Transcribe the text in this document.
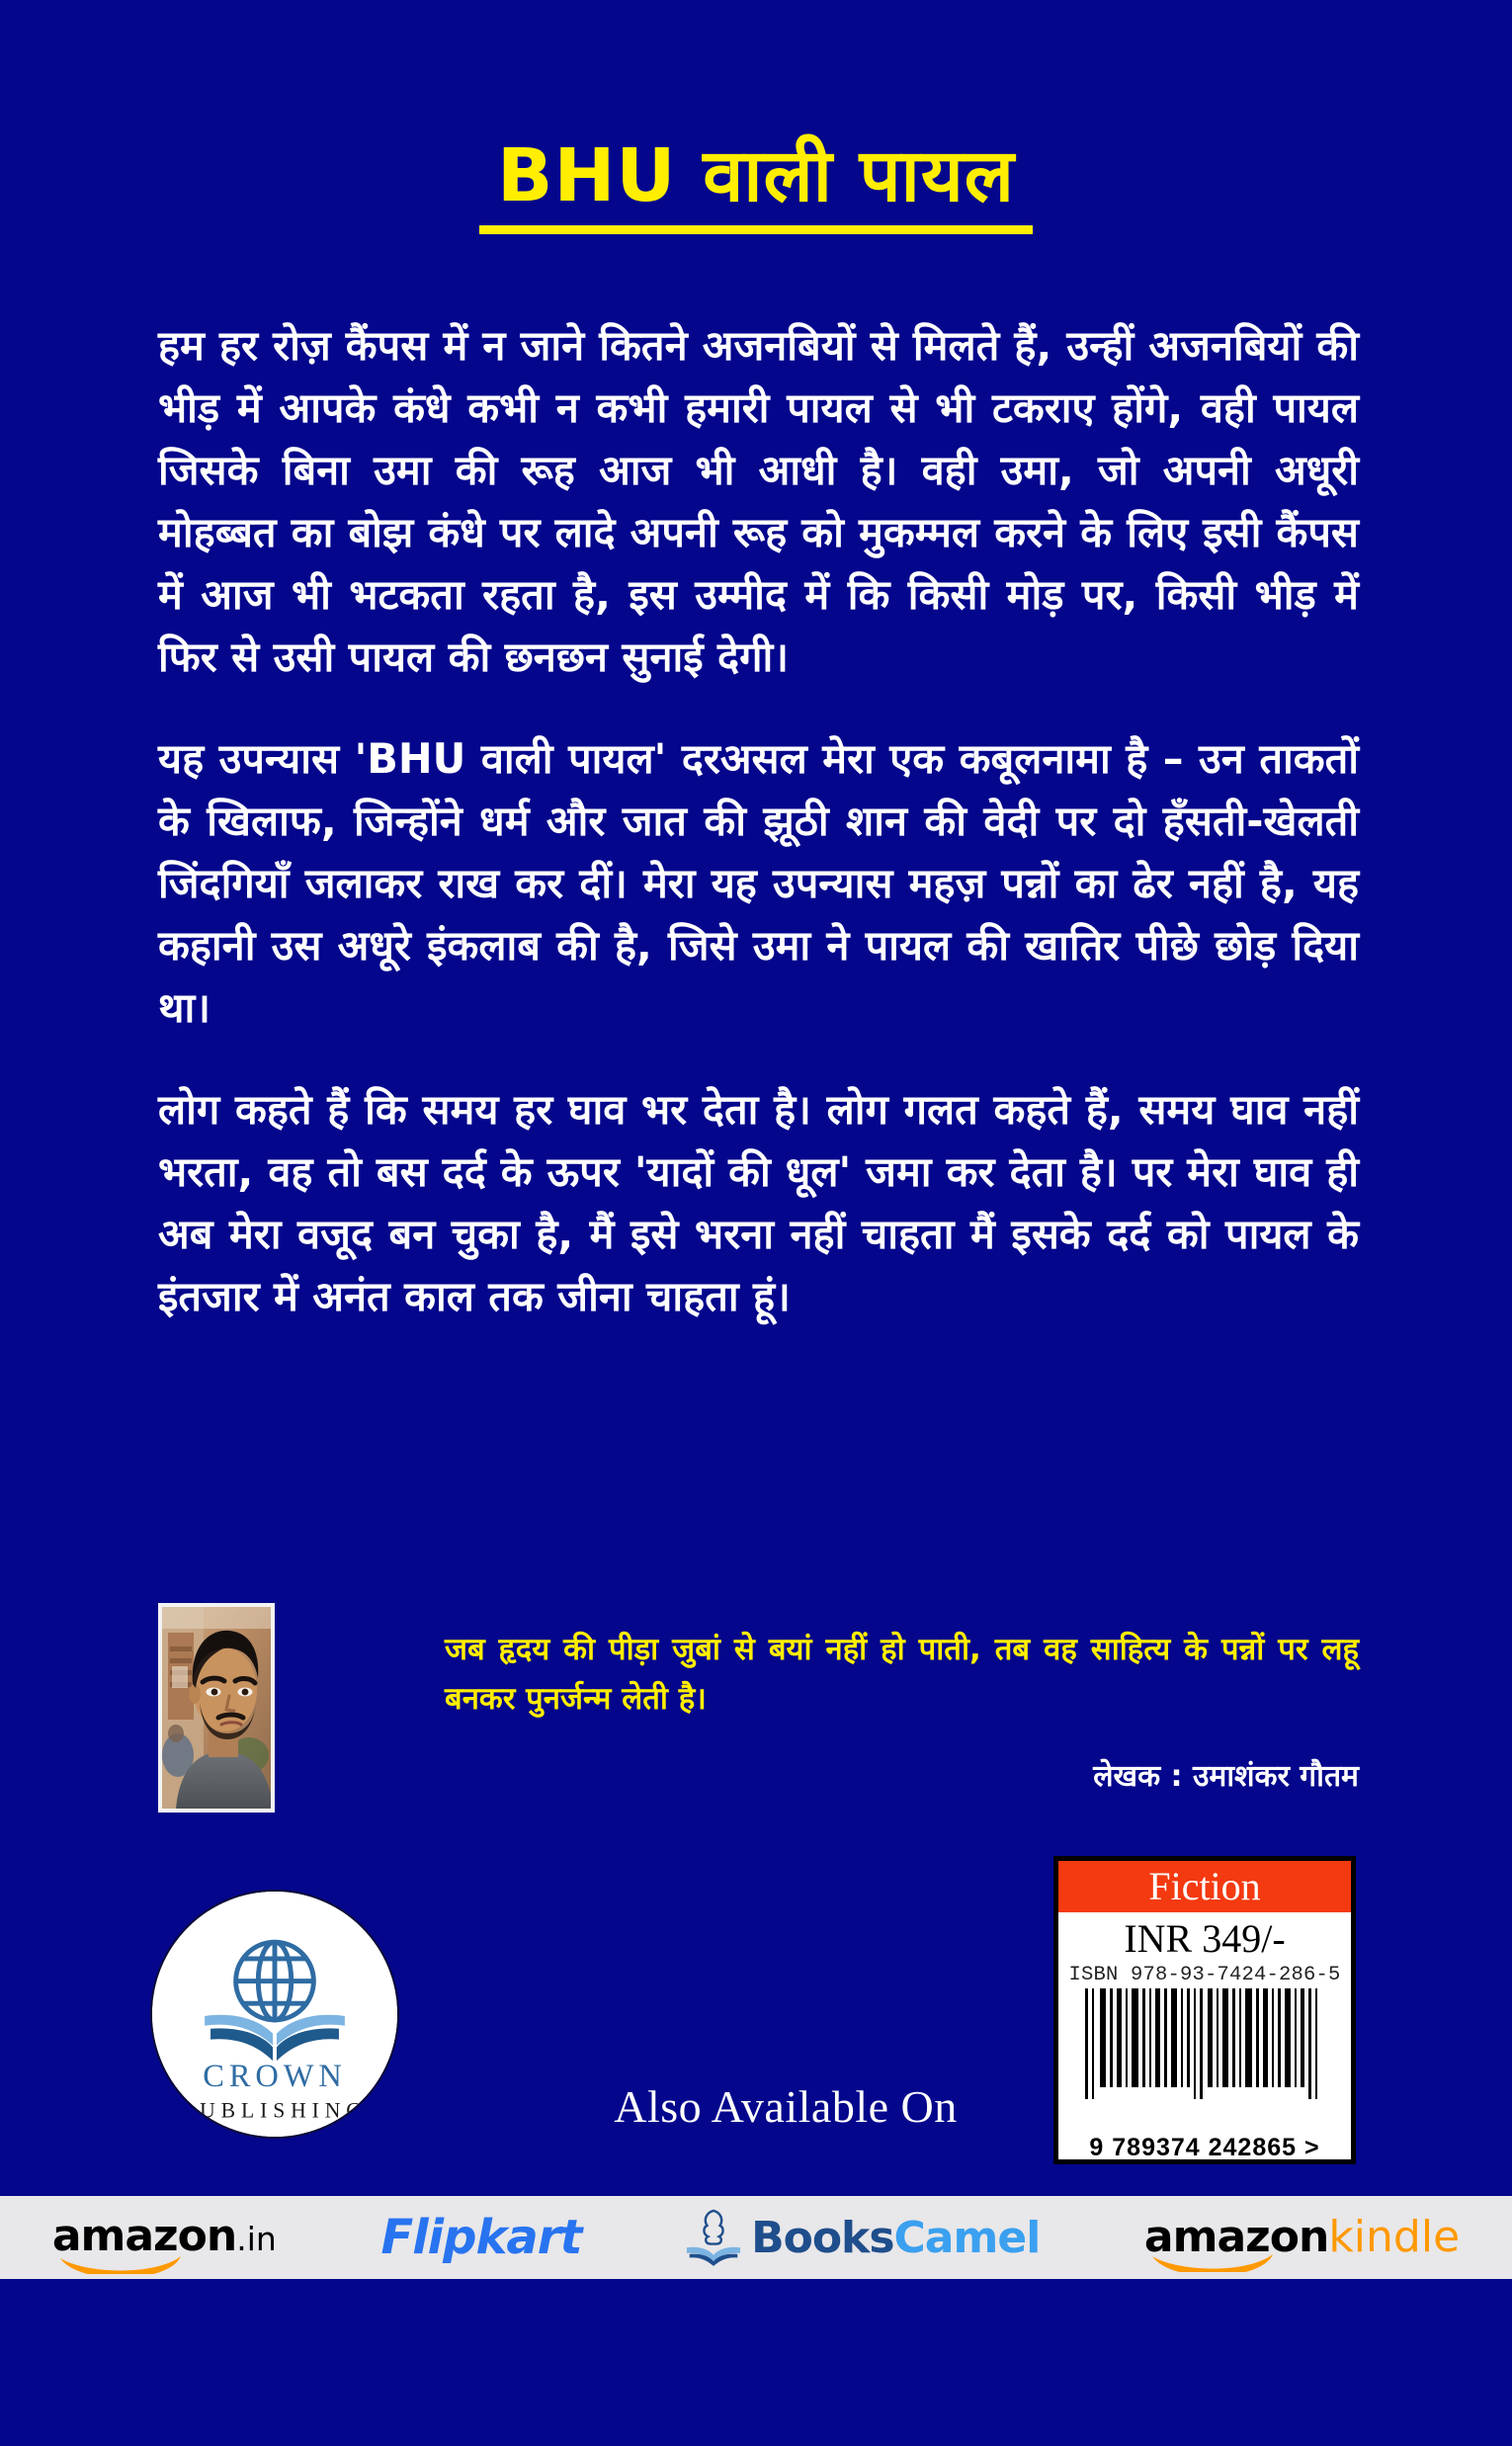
BHU वाली पायल

हम हर रोज़ कैंपस में न जाने कितने अजनबियों से मिलते हैं, उन्हीं अजनबियों की भीड़ में आपके कंधे कभी न कभी हमारी पायल से भी टकराए होंगे, वही पायल जिसके बिना उमा की रूह आज भी आधी है। वही उमा, जो अपनी अधूरी मोहब्बत का बोझ कंधे पर लादे अपनी रूह को मुकम्मल करने के लिए इसी कैंपस में आज भी भटकता रहता है, इस उम्मीद में कि किसी मोड़ पर, किसी भीड़ में फिर से उसी पायल की छनछन सुनाई देगी।

यह उपन्यास 'BHU वाली पायल' दरअसल मेरा एक कबूलनामा है – उन ताकतों के खिलाफ, जिन्होंने धर्म और जात की झूठी शान की वेदी पर दो हँसती-खेलती जिंदगियाँ जलाकर राख कर दीं। मेरा यह उपन्यास महज़ पन्नों का ढेर नहीं है, यह कहानी उस अधूरे इंकलाब की है, जिसे उमा ने पायल की खातिर पीछे छोड़ दिया था।

लोग कहते हैं कि समय हर घाव भर देता है। लोग गलत कहते हैं, समय घाव नहीं भरता, वह तो बस दर्द के ऊपर 'यादों की धूल' जमा कर देता है। पर मेरा घाव ही अब मेरा वजूद बन चुका है, मैं इसे भरना नहीं चाहता मैं इसके दर्द को पायल के इंतजार में अनंत काल तक जीना चाहता हूं।

जब हृदय की पीड़ा जुबां से बयां नहीं हो पाती, तब वह साहित्य के पन्नों पर लहू बनकर पुनर्जन्म लेती है।
लेखक : उमाशंकर गौतम
CROWN
PUBLISHING
Fiction
INR 349/-
ISBN 978-93-7424-286-5
9 789374 242865 >
Also Available On
amazon.in Flipkart	BooksCamel amazonkindle
